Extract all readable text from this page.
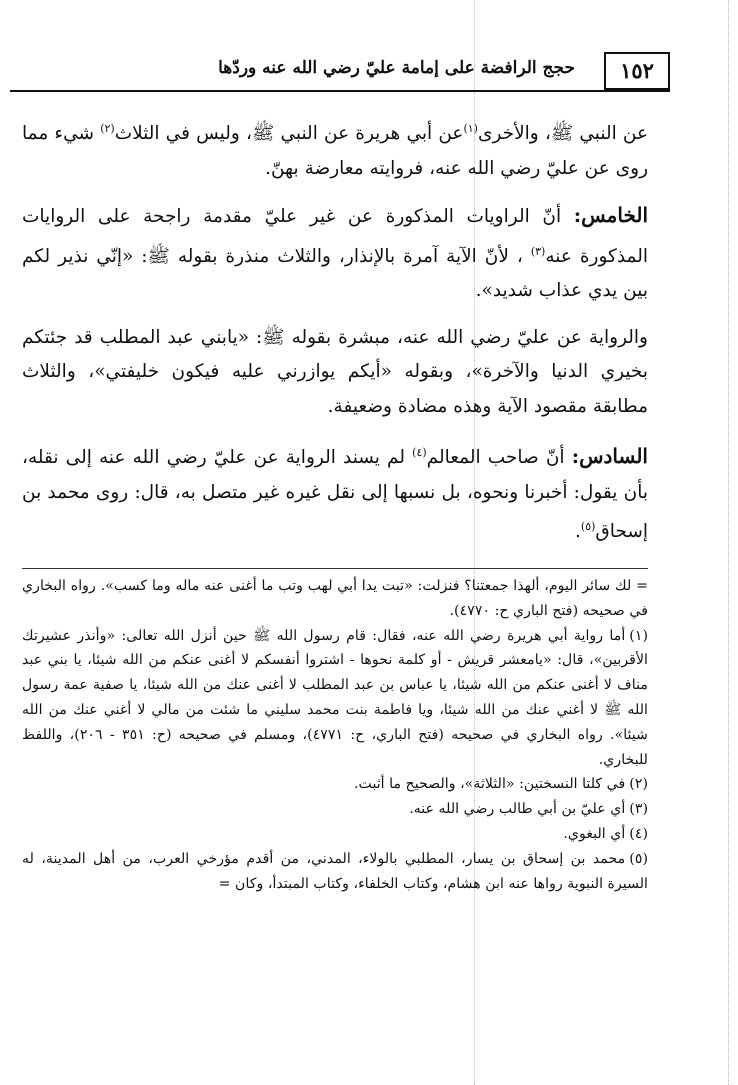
١٥٢
حجج الرافضة على إمامة عليّ رضي الله عنه وردّها

عن النبي ﷺ، والأخرى$^{(١)}$عن أبي هريرة عن النبي ﷺ، وليس في الثلاث$^{(٢)}$ شيء مما روى عن عليّ رضي الله عنه، فروايته معارضة بهنّ.

الخامس: أنّ الراويات المذكورة عن غير عليّ مقدمة راجحة على الروايات المذكورة عنه$^{(٣)}$ ، لأنّ الآية آمرة بالإنذار، والثلاث منذرة بقوله ﷺ: «إنّي نذير لكم بين يدي عذاب شديد».

والرواية عن عليّ رضي الله عنه، مبشرة بقوله ﷺ: «يابني عبد المطلب قد جئتكم بخيري الدنيا والآخرة»، وبقوله «أيكم يوازرني عليه فيكون خليفتي»، والثلاث مطابقة مقصود الآية وهذه مضادة وضعيفة.

السادس: أنّ صاحب المعالم$^{(٤)}$ لم يسند الرواية عن عليّ رضي الله عنه إلى نقله، بأن يقول: أخبرنا ونحوه، بل نسبها إلى نقل غيره غير متصل به، قال: روى محمد بن إسحاق$^{(٥)}$.

= لك سائر اليوم، ألهذا جمعتنا؟ فنزلت: «تبت يدا أبي لهب وتب ما أغنى عنه ماله وما كسب». رواه البخاري في صحيحه (فتح الباري ح: ٤٧٧٠).

(١)أما رواية أبي هريرة رضي الله عنه، فقال: قام رسول الله ﷺ حين أنزل الله تعالى: «وأنذر عشيرتك الأقربين»، قال: «يامعشر قريش - أو كلمة نحوها - اشتروا أنفسكم لا أغنى عنكم من الله شيئا، يا بني عبد مناف لا أغنى عنكم من الله شيئا، يا عباس بن عبد المطلب لا أغنى عنك من الله شيئا، يا صفية عمة رسول الله ﷺ لا أغني عنك من الله شيئا، ويا فاطمة بنت محمد سليني ما شئت من مالي لا أغني عنك من الله شيئا». رواه البخاري في صحيحه (فتح الباري، ح: ٤٧٧١)، ومسلم في صحيحه (ح: ٣٥١ - ٢٠٦)، واللفظ للبخاري.

(٢)في كلتا النسختين: «الثلاثة»، والصحيح ما أثبت.

(٣)أي عليّ بن أبي طالب رضي الله عنه.

(٤)أي البغوي.

(٥)محمد بن إسحاق بن يسار، المطلبي بالولاء، المدني، من أقدم مؤرخي العرب، من أهل المدينة، له السيرة النبوية رواها عنه ابن هشام، وكتاب الخلفاء، وكتاب المبتدأ، وكان =
